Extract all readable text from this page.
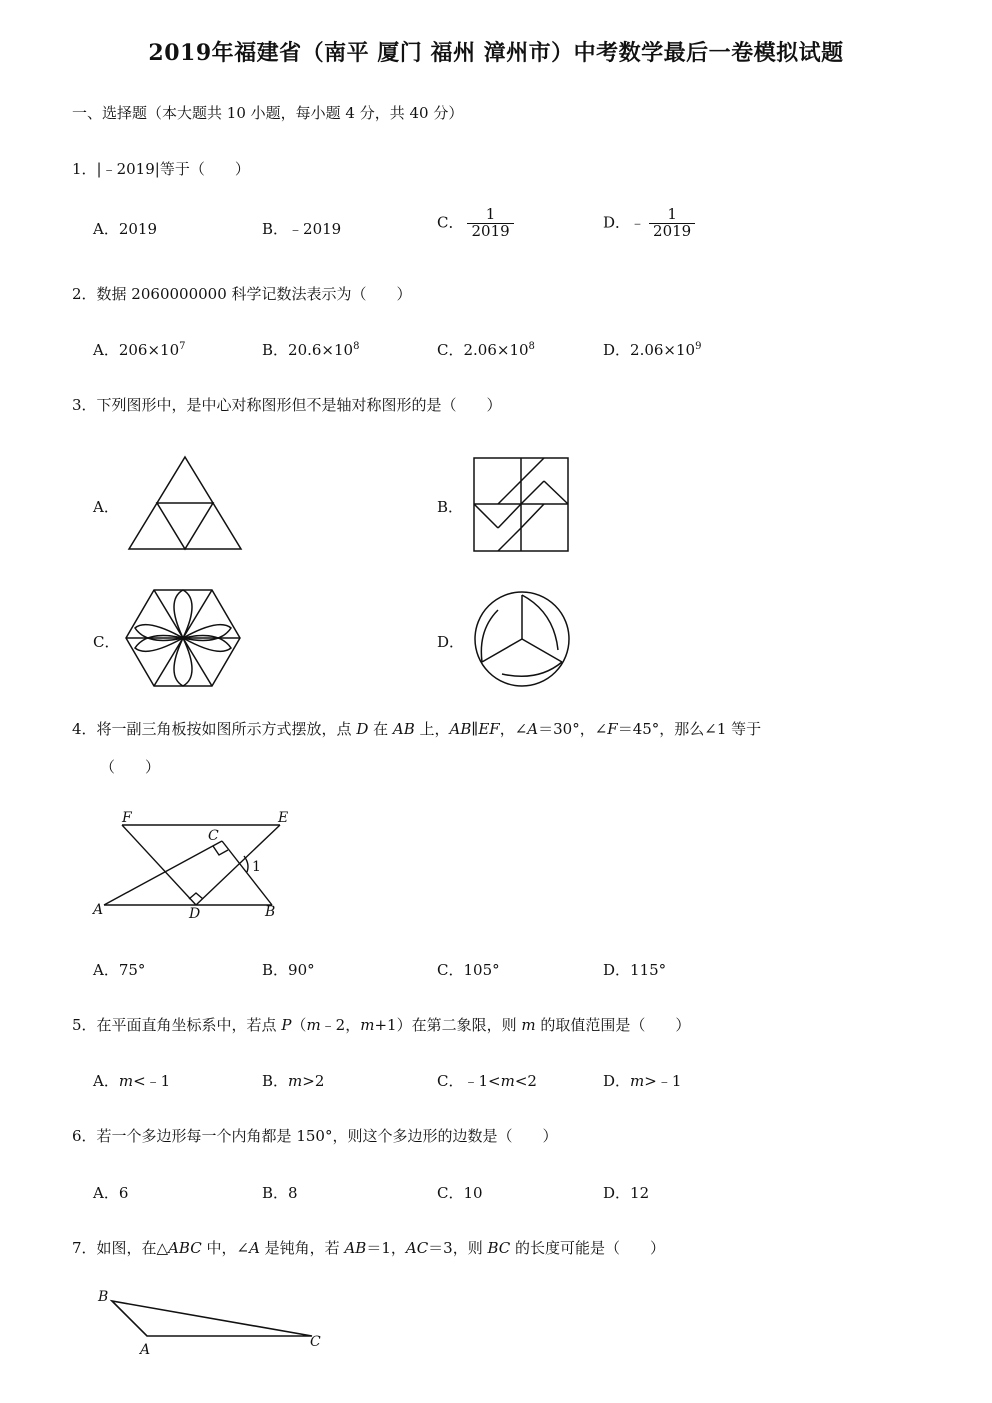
2019年福建省（南平 厦门 福州 漳州市）中考数学最后一卷模拟试题
一、选择题（本大题共 10 小题，每小题 4 分，共 40 分）
1．|﹣2019|等于（　　）
A．2019	B．﹣2019	C． $\frac{1}{2019}$	D．﹣ $\frac{1}{2019}$
2．数据 2060000000 科学记数法表示为（　　）
A．$206\times 10^7$	B．$20.6\times 10^8$	C．$2.06\times 10^8$	D．$2.06\times 10^9$
3．下列图形中，是中心对称图形但不是轴对称图形的是（　　）
A．	B．
C．	D．
4．将一副三角板按如图所示方式摆放，点 D 在 AB 上，AB∥EF，∠A＝30°，∠F＝45°，那么∠1 等于
（　　）
F	E
C
A	D	B
1
A．75°	B．90°	C．105°	D．115°
5．在平面直角坐标系中，若点 P（m﹣2，m+1）在第二象限，则 m 的取值范围是（　　）
A．m<﹣1	B．m>2	C．﹣1<m<2	D．m>﹣1
6．若一个多边形每一个内角都是 150°，则这个多边形的边数是（　　）
A．6	B．8	C．10	D．12
7．如图，在△ABC 中，∠A 是钝角，若 AB＝1，AC＝3，则 BC 的长度可能是（　　）
B
A	C
